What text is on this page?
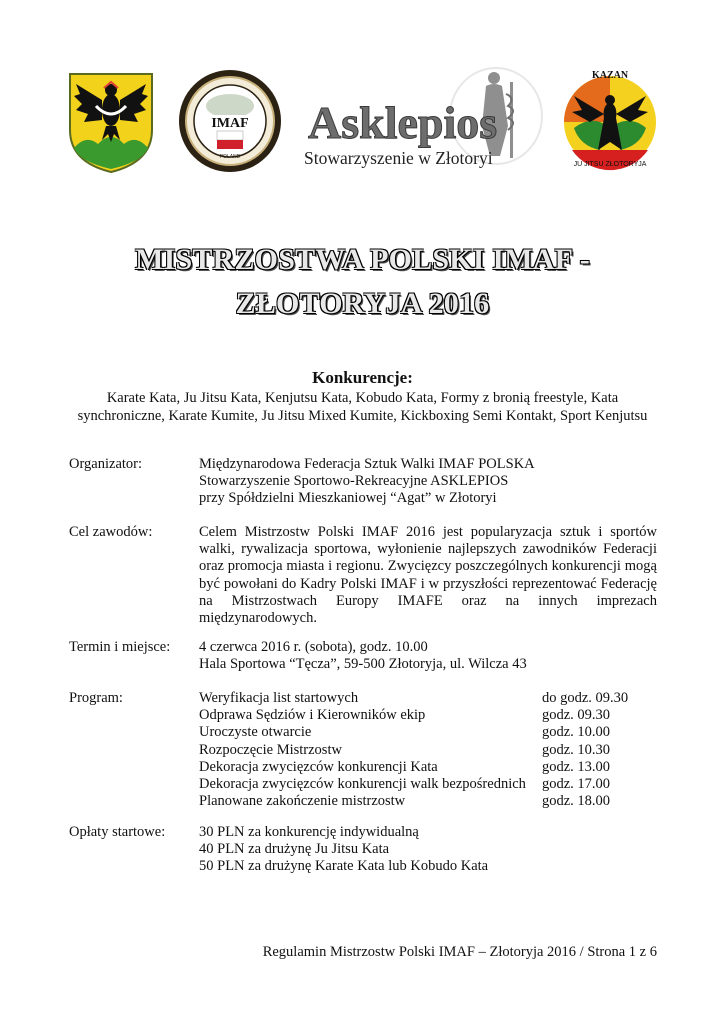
IMAF
POLAND
Asklepios
Stowarzyszenie w Złotoryi
KAZAN
JU JITSU ZŁOTORYJA
MISTRZOSTWA POLSKI IMAF -
ZŁOTORYJA 2016
Konkurencje:
Karate Kata, Ju Jitsu Kata, Kenjutsu Kata, Kobudo Kata, Formy z bronią freestyle, Kata
synchroniczne, Karate Kumite, Ju Jitsu Mixed Kumite, Kickboxing Semi Kontakt, Sport Kenjutsu
Organizator:	Międzynarodowa Federacja Sztuk Walki IMAF POLSKA
Stowarzyszenie Sportowo-Rekreacyjne ASKLEPIOS
przy Spółdzielni Mieszkaniowej “Agat” w Złotoryi
Cel zawodów:	Celem Mistrzostw Polski IMAF 2016 jest popularyzacja sztuk i sportów walki, rywalizacja sportowa, wyłonienie najlepszych zawodników Federacji oraz promocja miasta i regionu. Zwycięzcy poszczególnych konkurencji mogą być powołani do Kadry Polski IMAF i w przyszłości reprezentować Federację na Mistrzostwach Europy IMAFE oraz na innych imprezach międzynarodowych.
Termin i miejsce:	4 czerwca 2016 r. (sobota), godz. 10.00
Hala Sportowa “Tęcza”, 59-500 Złotoryja, ul. Wilcza 43
Program:	Weryfikacja list startowych	do godz. 09.30
Odprawa Sędziów i Kierowników ekip	godz. 09.30
Uroczyste otwarcie	godz. 10.00
Rozpoczęcie Mistrzostw	godz. 10.30
Dekoracja zwycięzców konkurencji Kata	godz. 13.00
Dekoracja zwycięzców konkurencji walk bezpośrednich	godz. 17.00
Planowane zakończenie mistrzostw	godz. 18.00
Opłaty startowe:	30 PLN za konkurencję indywidualną
40 PLN za drużynę Ju Jitsu Kata
50 PLN za drużynę Karate Kata lub Kobudo Kata
Regulamin Mistrzostw Polski IMAF – Złotoryja 2016 / Strona 1 z 6
